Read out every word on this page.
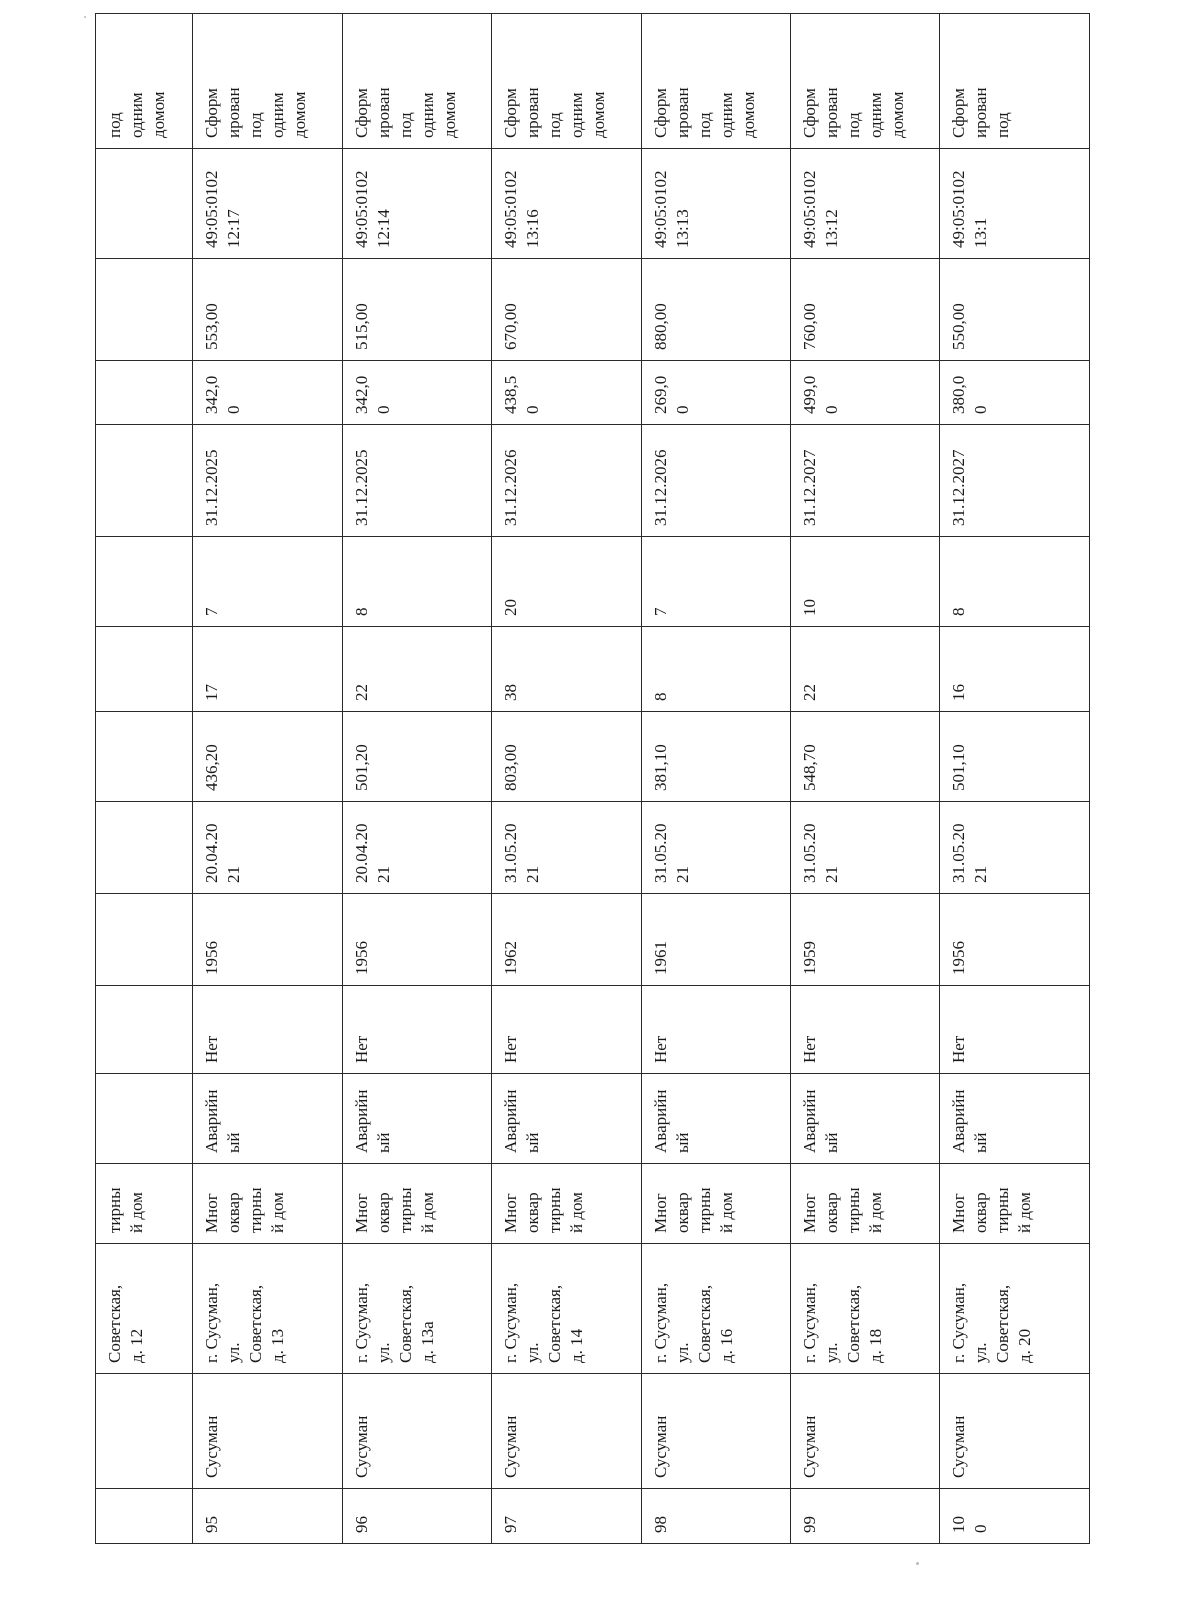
		Советская,
д. 12	тирны
й дом												под
одним
домом
95	Сусуман	г. Сусуман,
ул.
Советская,
д. 13	Мног
оквар
тирны
й дом	Аварийн
ый	Нет	1956	20.04.20
21	436,20	17	7	31.12.2025	342,00	553,00	49:05:0102
12:17	Сформ
ирован
под
одним
домом
96	Сусуман	г. Сусуман,
ул.
Советская,
д. 13а	Мног
оквар
тирны
й дом	Аварийн
ый	Нет	1956	20.04.20
21	501,20	22	8	31.12.2025	342,00	515,00	49:05:0102
12:14	Сформ
ирован
под
одним
домом
97	Сусуман	г. Сусуман,
ул.
Советская,
д. 14	Мног
оквар
тирны
й дом	Аварийн
ый	Нет	1962	31.05.20
21	803,00	38	20	31.12.2026	438,50	670,00	49:05:0102
13:16	Сформ
ирован
под
одним
домом
98	Сусуман	г. Сусуман,
ул.
Советская,
д. 16	Мног
оквар
тирны
й дом	Аварийн
ый	Нет	1961	31.05.20
21	381,10	8	7	31.12.2026	269,00	880,00	49:05:0102
13:13	Сформ
ирован
под
одним
домом
99	Сусуман	г. Сусуман,
ул.
Советская,
д. 18	Мног
оквар
тирны
й дом	Аварийн
ый	Нет	1959	31.05.20
21	548,70	22	10	31.12.2027	499,00	760,00	49:05:0102
13:12	Сформ
ирован
под
одним
домом
10
0	Сусуман	г. Сусуман,
ул.
Советская,
д. 20	Мног
оквар
тирны
й дом	Аварийн
ый	Нет	1956	31.05.20
21	501,10	16	8	31.12.2027	380,00	550,00	49:05:0102
13:1	Сформ
ирован
под
